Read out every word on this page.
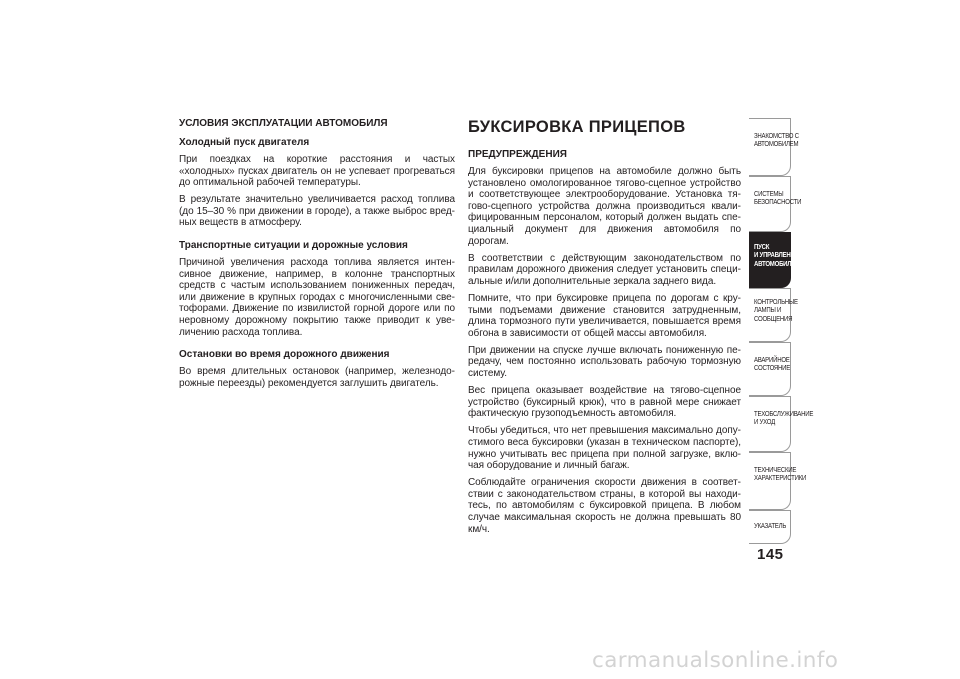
УСЛОВИЯ ЭКСПЛУАТАЦИИ АВТОМОБИЛЯ
Холодный пуск двигателя

При поездках на короткие расстояния и частых «холодных» пусках двигатель он не успевает прогреваться до оптимальной рабочей температуры.

В результате значительно увеличивается расход топлива (до 15–30 % при движении в городе), а также выброс вредных веществ в атмосферу.

Транспортные ситуации и дорожные условия

Причиной увеличения расхода топлива является интенсивное движение, например, в колонне транспортных средств с частым использованием пониженных передач, или движение в крупных городах с многочисленными светофорами. Движение по извилистой горной дороге или по неровному дорожному покрытию также приводит к увеличению расхода топлива.

Остановки во время дорожного движения

Во время длительных остановок (например, железнодорожные переезды) рекомендуется заглушить двигатель.

БУКСИРОВКА ПРИЦЕПОВ
ПРЕДУПРЕЖДЕНИЯ

Для буксировки прицепов на автомобиле должно быть установлено омологированное тягово-сцепное устройство и соответствующее электрооборудование. Установка тягово-сцепного устройства должна производиться квалифицированным персоналом, который должен выдать специальный документ для движения автомобиля по дорогам.

В соответствии с действующим законодательством по правилам дорожного движения следует установить специальные и/или дополнительные зеркала заднего вида.

Помните, что при буксировке прицепа по дорогам с крутыми подъемами движение становится затрудненным, длина тормозного пути увеличивается, повышается время обгона в зависимости от общей массы автомобиля.

При движении на спуске лучше включать пониженную передачу, чем постоянно использовать рабочую тормозную систему.

Вес прицепа оказывает воздействие на тягово-сцепное устройство (буксирный крюк), что в равной мере снижает фактическую грузоподъемность автомобиля.

Чтобы убедиться, что нет превышения максимально допустимого веса буксировки (указан в техническом паспорте), нужно учитывать вес прицепа при полной загрузке, включая оборудование и личный багаж.

Соблюдайте ограничения скорости движения в соответствии с законодательством страны, в которой вы находитесь, по автомобилям с буксировкой прицепа. В любом случае максимальная скорость не должна превышать 80 км/ч.

ЗНАКОМСТВО С
АВТОМОБИЛЕМ
СИСТЕМЫ
БЕЗОПАСНОСТИ
ПУСК
И УПРАВЛЕНИЕ
АВТОМОБИЛЕМ
КОНТРОЛЬНЫЕ
ЛАМПЫ И
СООБЩЕНИЯ
АВАРИЙНОЕ
СОСТОЯНИЕ
ТЕХОБСЛУЖИВАНИЕ
И УХОД
ТЕХНИЧЕСКИЕ
ХАРАКТЕРИСТИКИ
УКАЗАТЕЛЬ
145
carmanualsonline.info
